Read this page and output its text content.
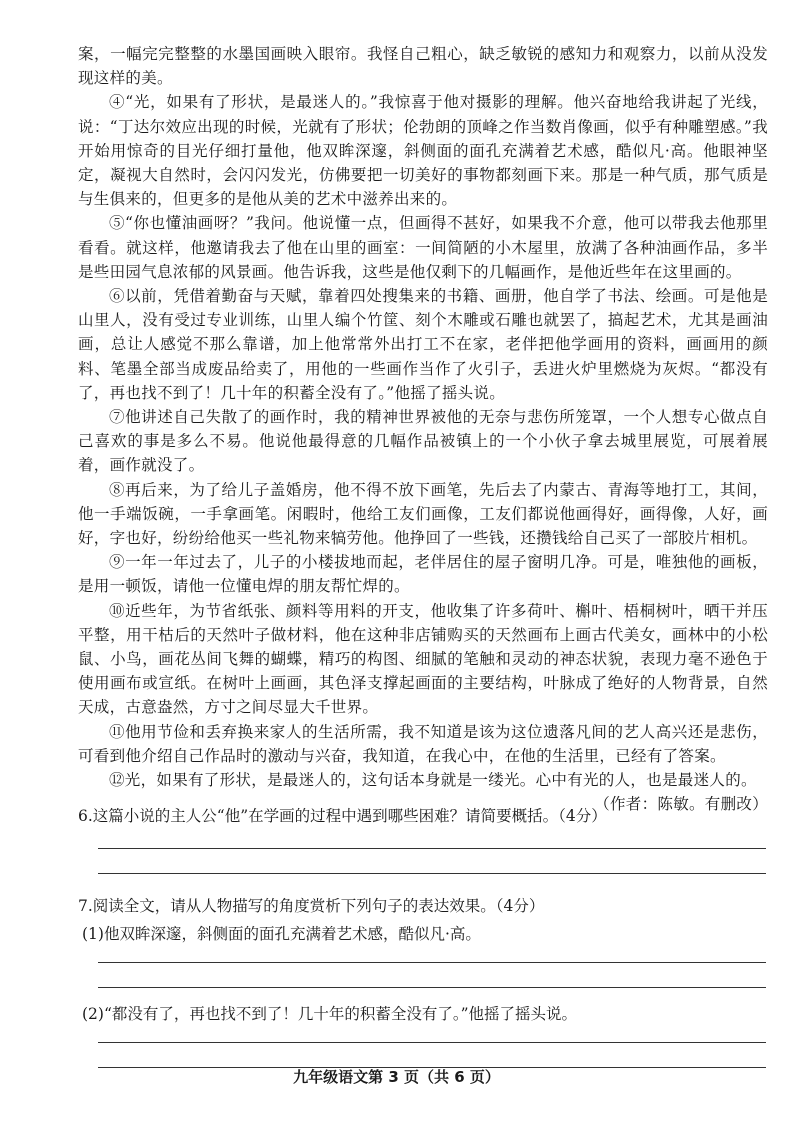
案，一幅完完整整的水墨国画映入眼帘。我怪自己粗心，缺乏敏锐的感知力和观察力，以前从没发现这样的美。

④“光，如果有了形状，是最迷人的。”我惊喜于他对摄影的理解。他兴奋地给我讲起了光线，说：“丁达尔效应出现的时候，光就有了形状；伦勃朗的顶峰之作当数肖像画，似乎有种雕塑感。”我开始用惊奇的目光仔细打量他，他双眸深邃，斜侧面的面孔充满着艺术感，酷似凡·高。他眼神坚定，凝视大自然时，会闪闪发光，仿佛要把一切美好的事物都刻画下来。那是一种气质，那气质是与生俱来的，但更多的是他从美的艺术中滋养出来的。

⑤“你也懂油画呀？”我问。他说懂一点，但画得不甚好，如果我不介意，他可以带我去他那里看看。就这样，他邀请我去了他在山里的画室：一间简陋的小木屋里，放满了各种油画作品，多半是些田园气息浓郁的风景画。他告诉我，这些是他仅剩下的几幅画作，是他近些年在这里画的。

⑥以前，凭借着勤奋与天赋，靠着四处搜集来的书籍、画册，他自学了书法、绘画。可是他是山里人，没有受过专业训练，山里人编个竹筐、刻个木雕或石雕也就罢了，搞起艺术，尤其是画油画，总让人感觉不那么靠谱，加上他常常外出打工不在家，老伴把他学画用的资料，画画用的颜料、笔墨全部当成废品给卖了，用他的一些画作当作了火引子，丢进火炉里燃烧为灰烬。“都没有了，再也找不到了！几十年的积蓄全没有了。”他摇了摇头说。

⑦他讲述自己失散了的画作时，我的精神世界被他的无奈与悲伤所笼罩，一个人想专心做点自己喜欢的事是多么不易。他说他最得意的几幅作品被镇上的一个小伙子拿去城里展览，可展着展着，画作就没了。

⑧再后来，为了给儿子盖婚房，他不得不放下画笔，先后去了内蒙古、青海等地打工，其间，他一手端饭碗，一手拿画笔。闲暇时，他给工友们画像，工友们都说他画得好，画得像，人好，画好，字也好，纷纷给他买一些礼物来犒劳他。他挣回了一些钱，还攒钱给自己买了一部胶片相机。

⑨一年一年过去了，儿子的小楼拔地而起，老伴居住的屋子窗明几净。可是，唯独他的画板，是用一顿饭，请他一位懂电焊的朋友帮忙焊的。

⑩近些年，为节省纸张、颜料等用料的开支，他收集了许多荷叶、槲叶、梧桐树叶，晒干并压平整，用干枯后的天然叶子做材料，他在这种非店铺购买的天然画布上画古代美女，画林中的小松鼠、小鸟，画花丛间飞舞的蝴蝶，精巧的构图、细腻的笔触和灵动的神态状貌，表现力毫不逊色于使用画布或宣纸。在树叶上画画，其色泽支撑起画面的主要结构，叶脉成了绝好的人物背景，自然天成，古意盎然，方寸之间尽显大千世界。

⑪他用节俭和丢弃换来家人的生活所需，我不知道是该为这位遗落凡间的艺人高兴还是悲伤，可看到他介绍自己作品时的激动与兴奋，我知道，在我心中，在他的生活里，已经有了答案。

⑫光，如果有了形状，是最迷人的，这句话本身就是一缕光。心中有光的人，也是最迷人的。

（作者：陈敏。有删改）

6.这篇小说的主人公“他”在学画的过程中遇到哪些困难？请简要概括。（4分）

7.阅读全文，请从人物描写的角度赏析下列句子的表达效果。（4分）

(1)他双眸深邃，斜侧面的面孔充满着艺术感，酷似凡·高。

(2)“都没有了，再也找不到了！几十年的积蓄全没有了。”他摇了摇头说。

九年级语文第 3 页（共 6 页）
